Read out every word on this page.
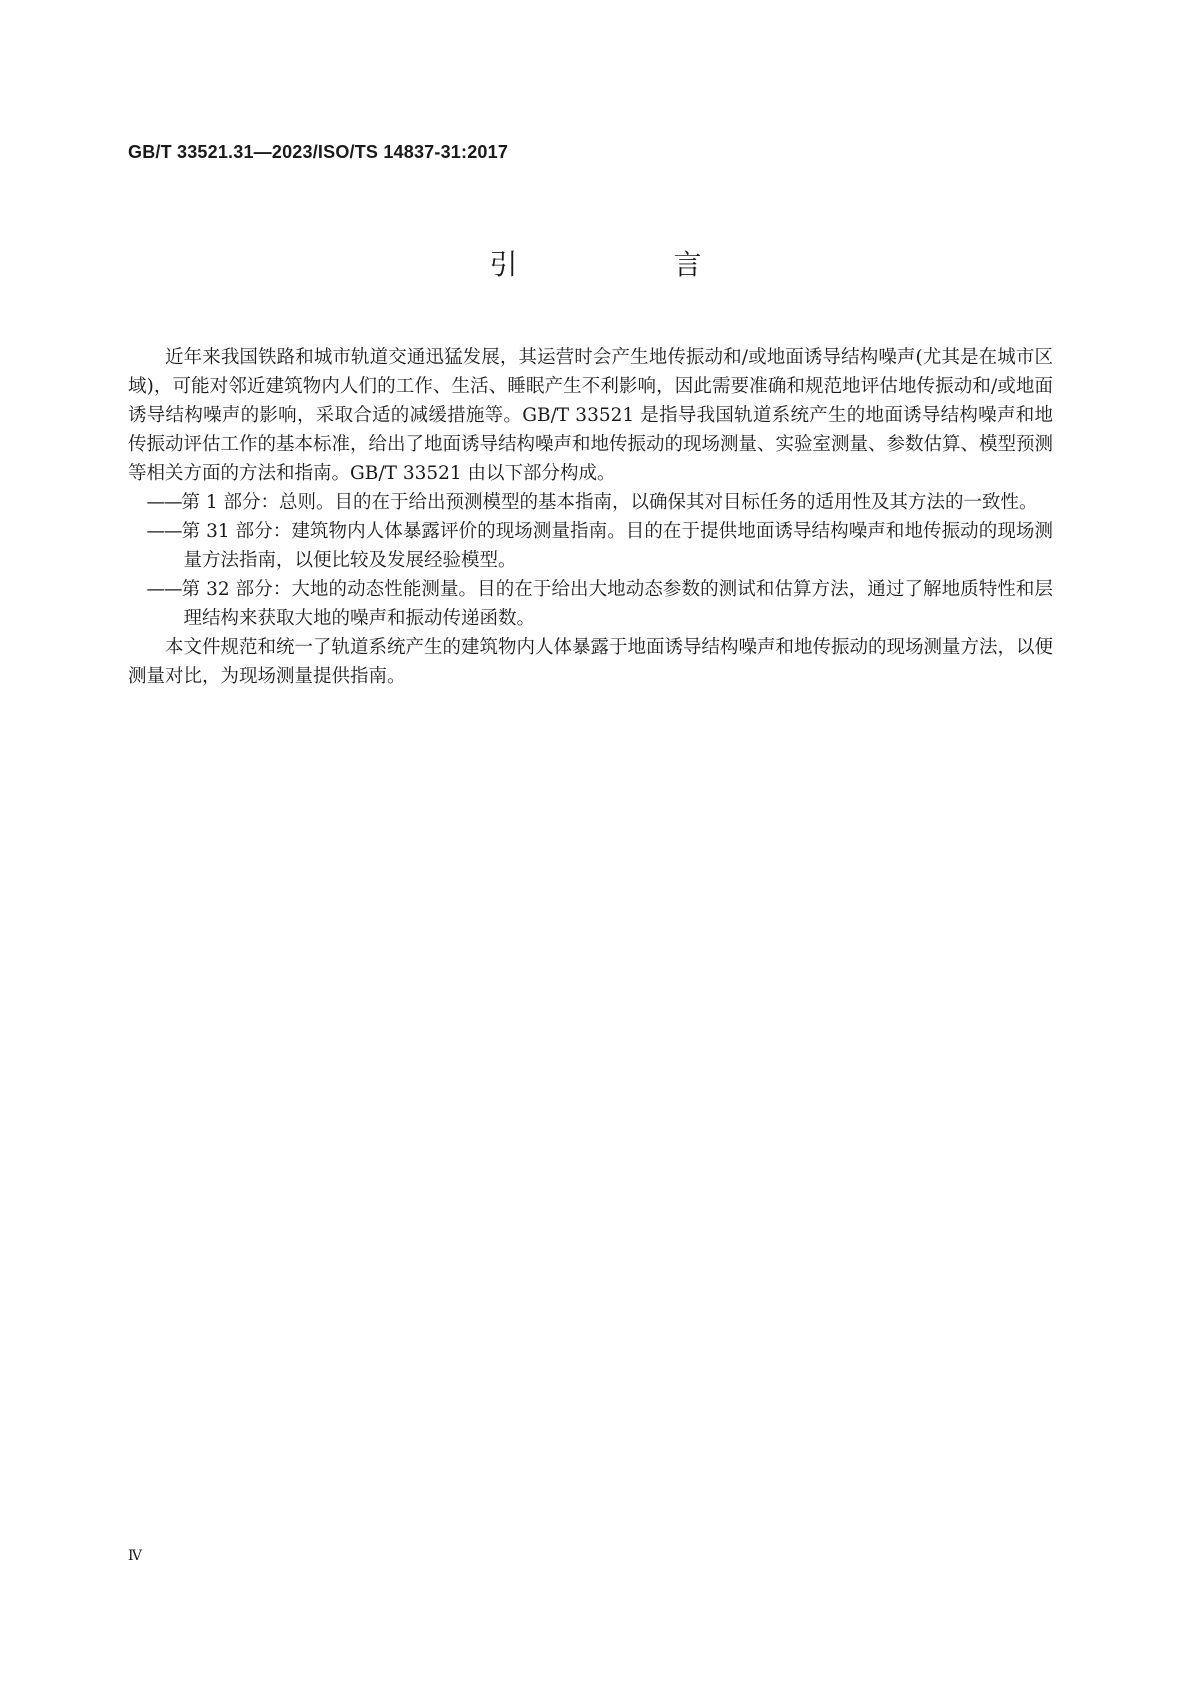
GB/T 33521.31—2023/ISO/TS 14837-31:2017
引　言

近年来我国铁路和城市轨道交通迅猛发展，其运营时会产生地传振动和/或地面诱导结构噪声(尤其是在城市区域)，可能对邻近建筑物内人们的工作、生活、睡眠产生不利影响，因此需要准确和规范地评估地传振动和/或地面诱导结构噪声的影响，采取合适的减缓措施等。GB/T 33521 是指导我国轨道系统产生的地面诱导结构噪声和地传振动评估工作的基本标准，给出了地面诱导结构噪声和地传振动的现场测量、实验室测量、参数估算、模型预测等相关方面的方法和指南。GB/T 33521 由以下部分构成。

——第 1 部分：总则。目的在于给出预测模型的基本指南，以确保其对目标任务的适用性及其方法的一致性。

——第 31 部分：建筑物内人体暴露评价的现场测量指南。目的在于提供地面诱导结构噪声和地传振动的现场测量方法指南，以便比较及发展经验模型。

——第 32 部分：大地的动态性能测量。目的在于给出大地动态参数的测试和估算方法，通过了解地质特性和层理结构来获取大地的噪声和振动传递函数。

本文件规范和统一了轨道系统产生的建筑物内人体暴露于地面诱导结构噪声和地传振动的现场测量方法，以便测量对比，为现场测量提供指南。

Ⅳ
